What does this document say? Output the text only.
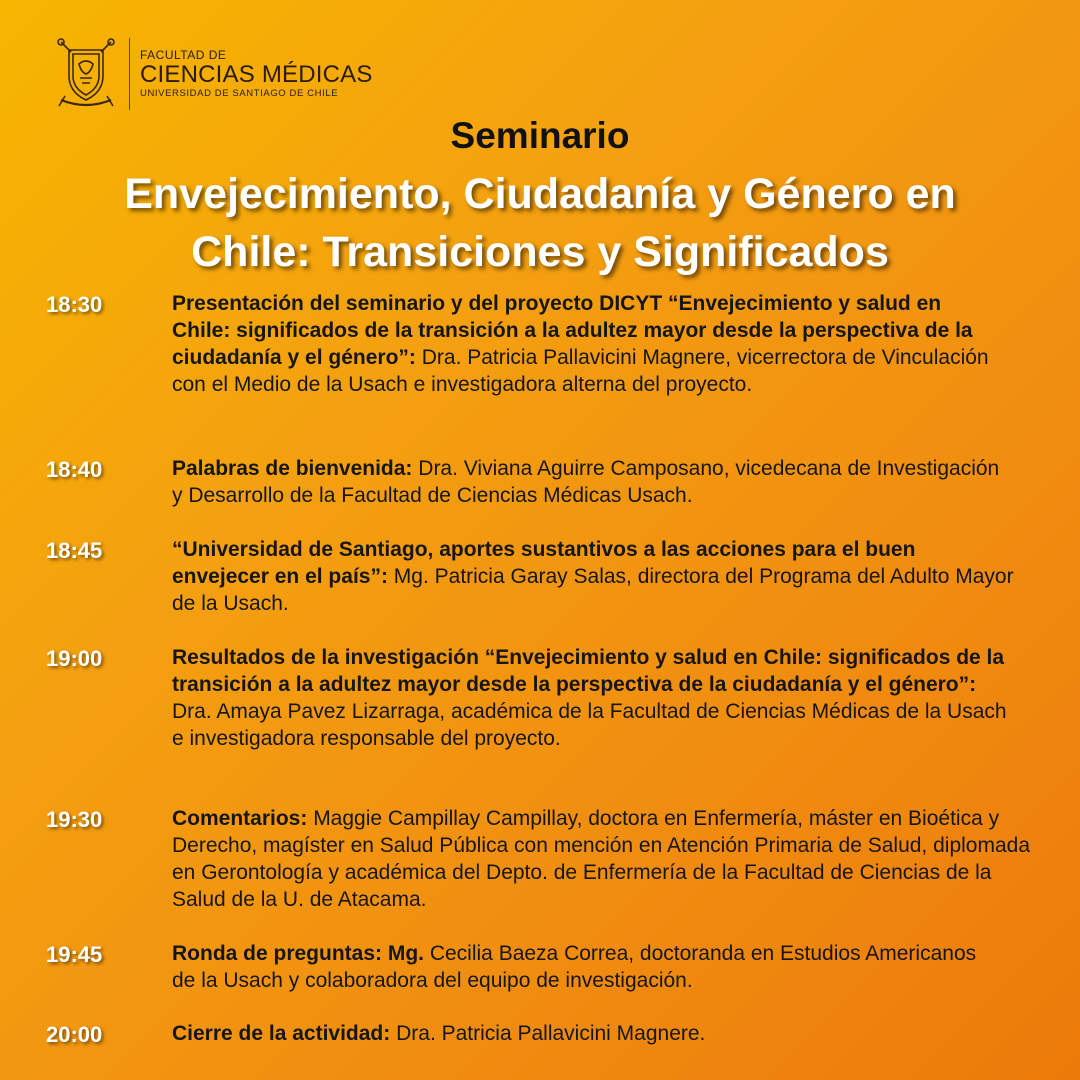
FACULTAD DE
CIENCIAS MÉDICAS
UNIVERSIDAD DE SANTIAGO DE CHILE
Seminario
Envejecimiento, Ciudadanía y Género en
Chile: Transiciones y Significados
18:30	Presentación del seminario y del proyecto DICYT “Envejecimiento y salud en Chile: significados de la transición a la adultez mayor desde la perspectiva de la ciudadanía y el género”: Dra. Patricia Pallavicini Magnere, vicerrectora de Vinculación con el Medio de la Usach e investigadora alterna del proyecto.
18:40	Palabras de bienvenida: Dra. Viviana Aguirre Camposano, vicedecana de Investigación y Desarrollo de la Facultad de Ciencias Médicas Usach.
18:45	“Universidad de Santiago, aportes sustantivos a las acciones para el buen envejecer en el país”: Mg. Patricia Garay Salas, directora del Programa del Adulto Mayor de la Usach.
19:00	Resultados de la investigación “Envejecimiento y salud en Chile: significados de la transición a la adultez mayor desde la perspectiva de la ciudadanía y el género”: Dra. Amaya Pavez Lizarraga, académica de la Facultad de Ciencias Médicas de la Usach e investigadora responsable del proyecto.
19:30	Comentarios: Maggie Campillay Campillay, doctora en Enfermería, máster en Bioética y Derecho, magíster en Salud Pública con mención en Atención Primaria de Salud, diplomada en Gerontología y académica del Depto. de Enfermería de la Facultad de Ciencias de la Salud de la U. de Atacama.
19:45	Ronda de preguntas: Mg. Cecilia Baeza Correa, doctoranda en Estudios Americanos de la Usach y colaboradora del equipo de investigación.
20:00	Cierre de la actividad: Dra. Patricia Pallavicini Magnere.
